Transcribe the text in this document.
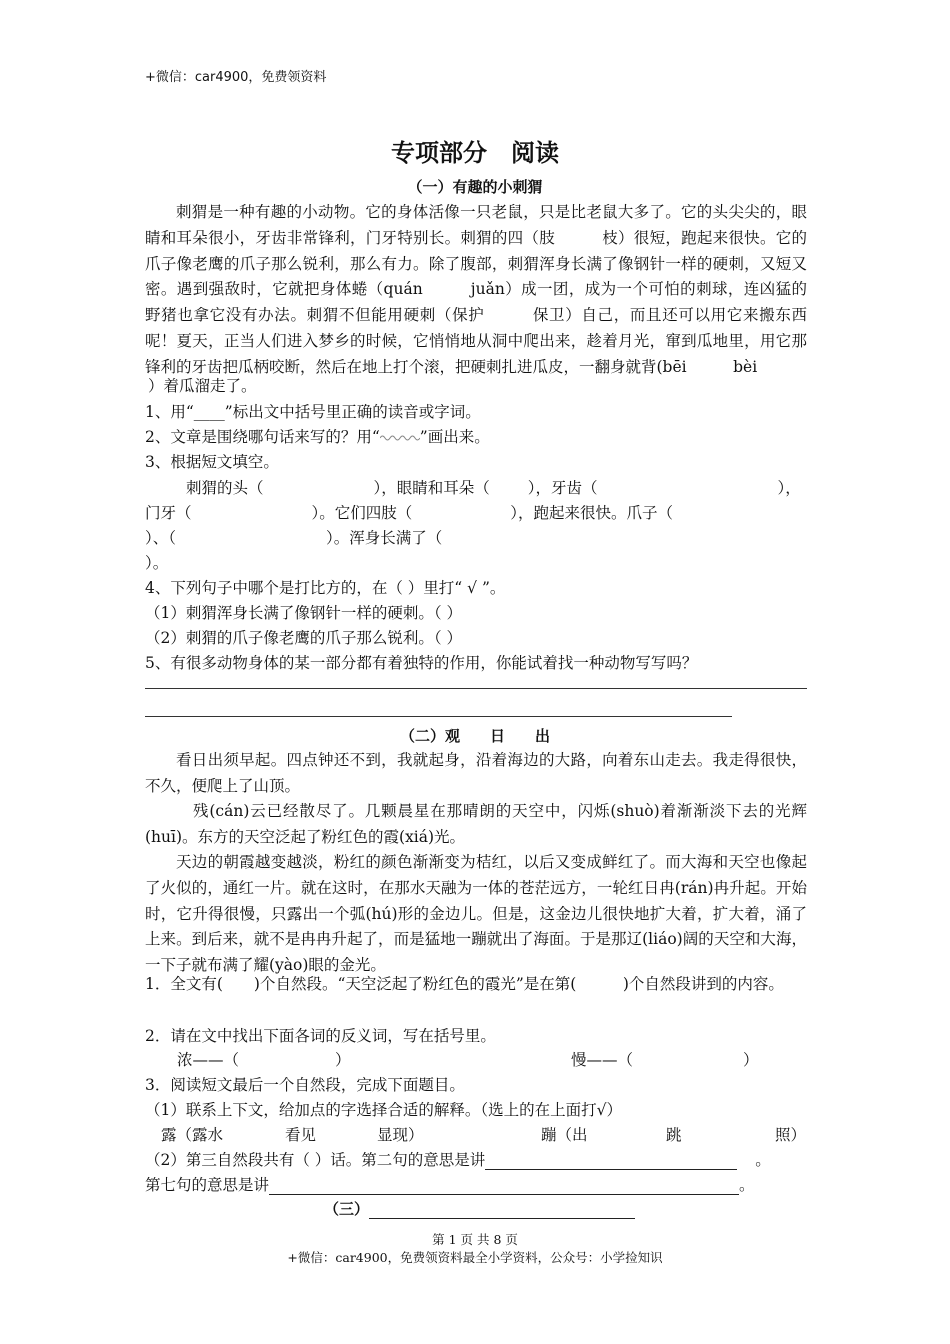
+微信：car4900，免费领资料
专项部分　阅读
（一）有趣的小刺猬
刺猬是一种有趣的小动物。它的身体活像一只老鼠，只是比老鼠大多了。它的头尖尖的，眼睛和耳朵很小，牙齿非常锋利，门牙特别长。刺猬的四（肢　　　枝）很短，跑起来很快。它的爪子像老鹰的爪子那么锐利，那么有力。除了腹部，刺猬浑身长满了像钢针一样的硬刺，又短又密。遇到强敌时，它就把身体蜷（quán　　　juǎn）成一团，成为一个可怕的刺球，连凶猛的野猪也拿它没有办法。刺猬不但能用硬刺（保护　　　保卫）自己，而且还可以用它来搬东西呢！夏天，正当人们进入梦乡的时候，它悄悄地从洞中爬出来，趁着月光，窜到瓜地里，用它那锋利的牙齿把瓜柄咬断，然后在地上打个滚，把硬刺扎进瓜皮，一翻身就背(bēi　　　bèi
）着瓜溜走了。
1、用“____”标出文中括号里正确的读音或字词。
2、文章是围绕哪句话来写的？用“	”画出来。
3、根据短文填空。
刺猬的头（	），眼睛和耳朵（ ），牙齿（	），
门牙（	）。它们四肢（	），跑起来很快。爪子（
）、（	）。浑身长满了（
）。
4、下列句子中哪个是打比方的，在（ ）里打“ √ ”。
（1）刺猬浑身长满了像钢针一样的硬刺。（ ）
（2）刺猬的爪子像老鹰的爪子那么锐利。（ ）
5、有很多动物身体的某一部分都有着独特的作用，你能试着找一种动物写写吗？
（二）观　　日　　出
看日出须早起。四点钟还不到，我就起身，沿着海边的大路，向着东山走去。我走得很快，不久，便爬上了山顶。
残(cán)云已经散尽了。几颗晨星在那晴朗的天空中，闪烁(shuò)着渐渐淡下去的光辉(huī)。东方的天空泛起了粉红色的霞(xiá)光。
天边的朝霞越变越淡，粉红的颜色渐渐变为桔红，以后又变成鲜红了。而大海和天空也像起了火似的，通红一片。就在这时，在那水天融为一体的苍茫远方，一轮红日冉(rán)冉升起。开始时，它升得很慢，只露出一个弧(hú)形的金边儿。但是，这金边儿很快地扩大着，扩大着，涌了上来。到后来，就不是冉冉升起了，而是猛地一蹦就出了海面。于是那辽(liáo)阔的天空和大海，一下子就布满了耀(yào)眼的金光。
1．全文有(　　)个自然段。“天空泛起了粉红色的霞光”是在第(　　　)个自然段讲到的内容。
2．请在文中找出下面各词的反义词，写在括号里。
浓——（	）	慢——（	）
3．阅读短文最后一个自然段，完成下面题目。
（1）联系上下文，给加点的字选择合适的解释。（选上的在上面打√）
露（露水	看见	显现）	蹦（出	跳	照）
（2）第三自然段共有（ ）话。第二句的意思是讲	。
第七句的意思是讲	。
（三）
第 1 页 共 8 页
+微信：car4900，免费领资料最全小学资料，公众号：小学捡知识
